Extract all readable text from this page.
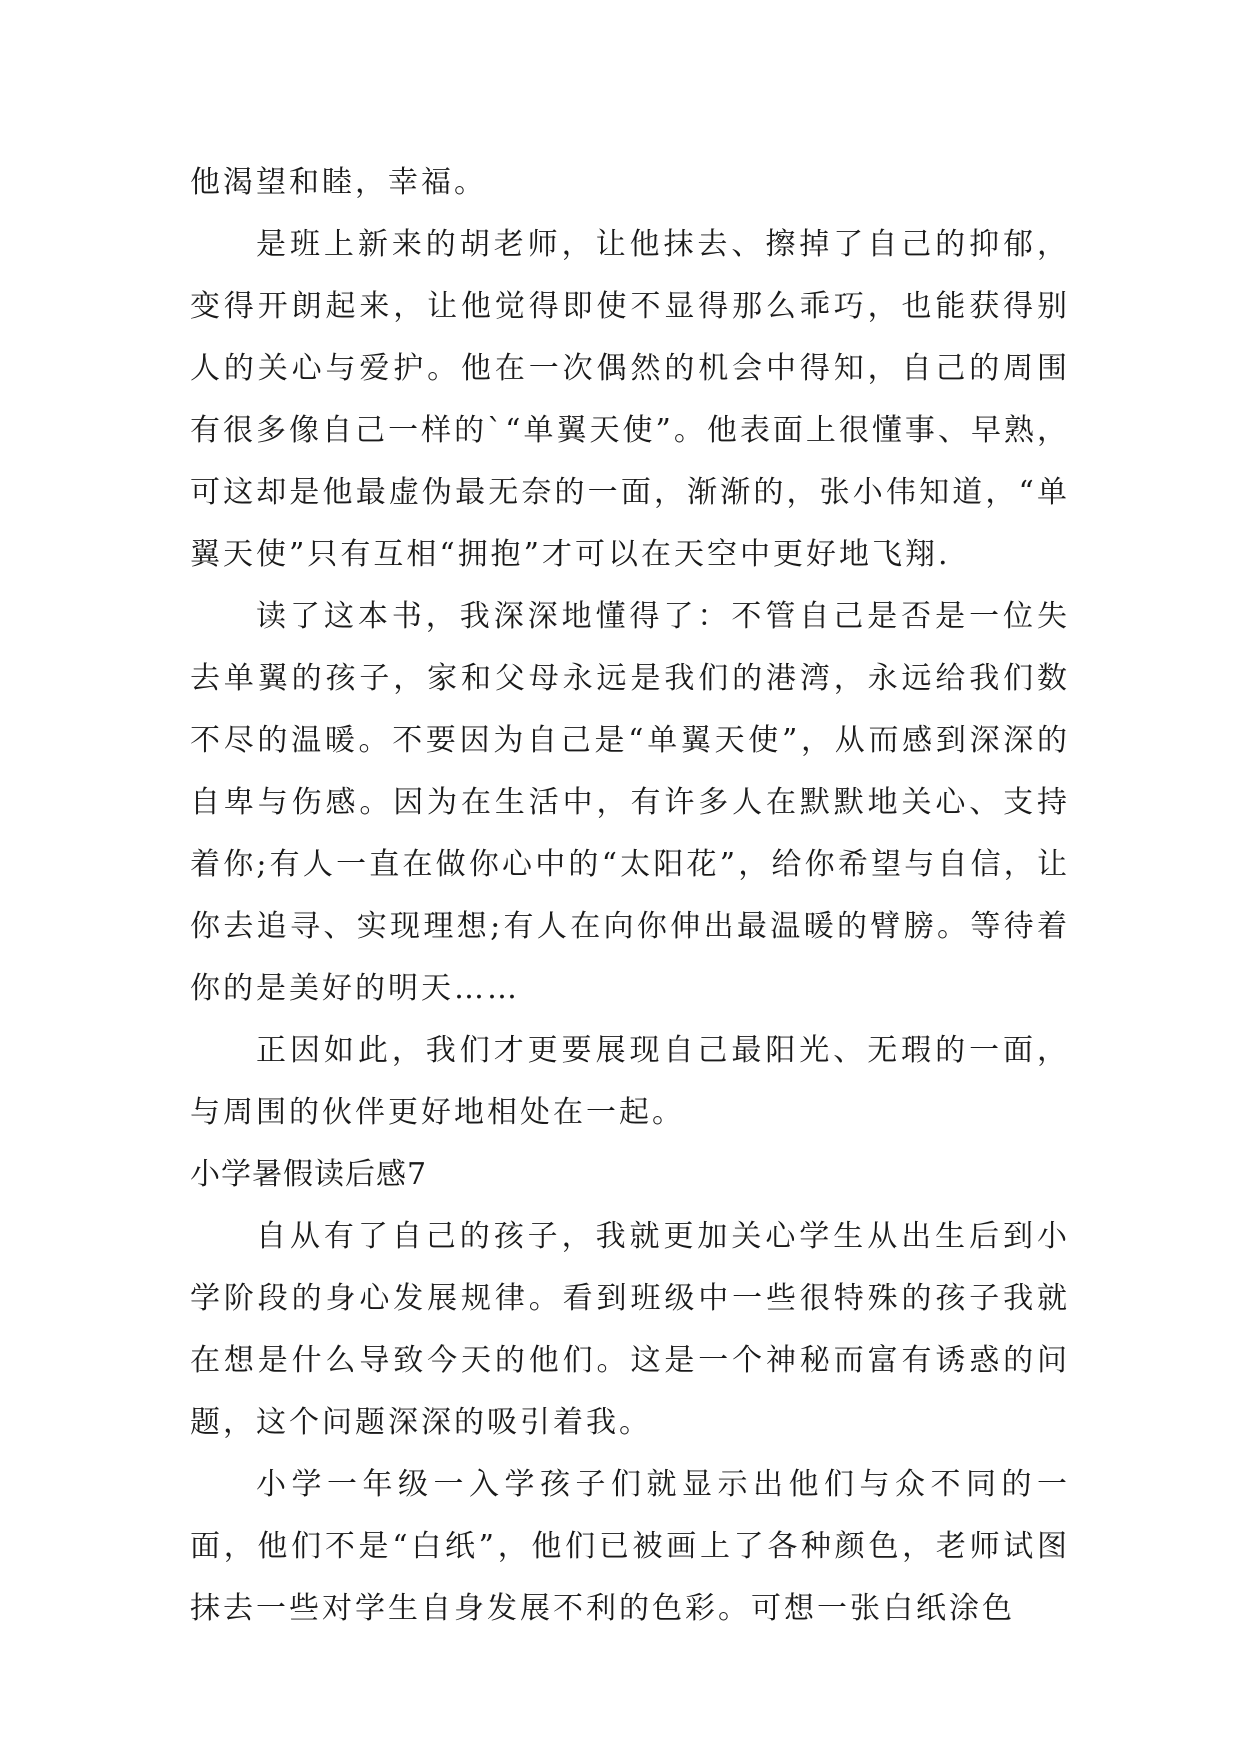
他渴望和睦，幸福。

是班上新来的胡老师，让他抹去、擦掉了自己的抑郁，变得开朗起来，让他觉得即使不显得那么乖巧，也能获得别人的关心与爱护。他在一次偶然的机会中得知，自己的周围有很多像自己一样的`“单翼天使”。他表面上很懂事、早熟，可这却是他最虚伪最无奈的一面，渐渐的，张小伟知道，“单翼天使”只有互相“拥抱”才可以在天空中更好地飞翔.

读了这本书，我深深地懂得了：不管自己是否是一位失去单翼的孩子，家和父母永远是我们的港湾，永远给我们数不尽的温暖。不要因为自己是“单翼天使”，从而感到深深的自卑与伤感。因为在生活中，有许多人在默默地关心、支持着你;有人一直在做你心中的“太阳花”，给你希望与自信，让你去追寻、实现理想;有人在向你伸出最温暖的臂膀。等待着你的是美好的明天……

正因如此，我们才更要展现自己最阳光、无瑕的一面，与周围的伙伴更好地相处在一起。

小学暑假读后感7

自从有了自己的孩子，我就更加关心学生从出生后到小学阶段的身心发展规律。看到班级中一些很特殊的孩子我就在想是什么导致今天的他们。这是一个神秘而富有诱惑的问题，这个问题深深的吸引着我。

小学一年级一入学孩子们就显示出他们与众不同的一面，他们不是“白纸”，他们已被画上了各种颜色，老师试图抹去一些对学生自身发展不利的色彩。可想一张白纸涂色
